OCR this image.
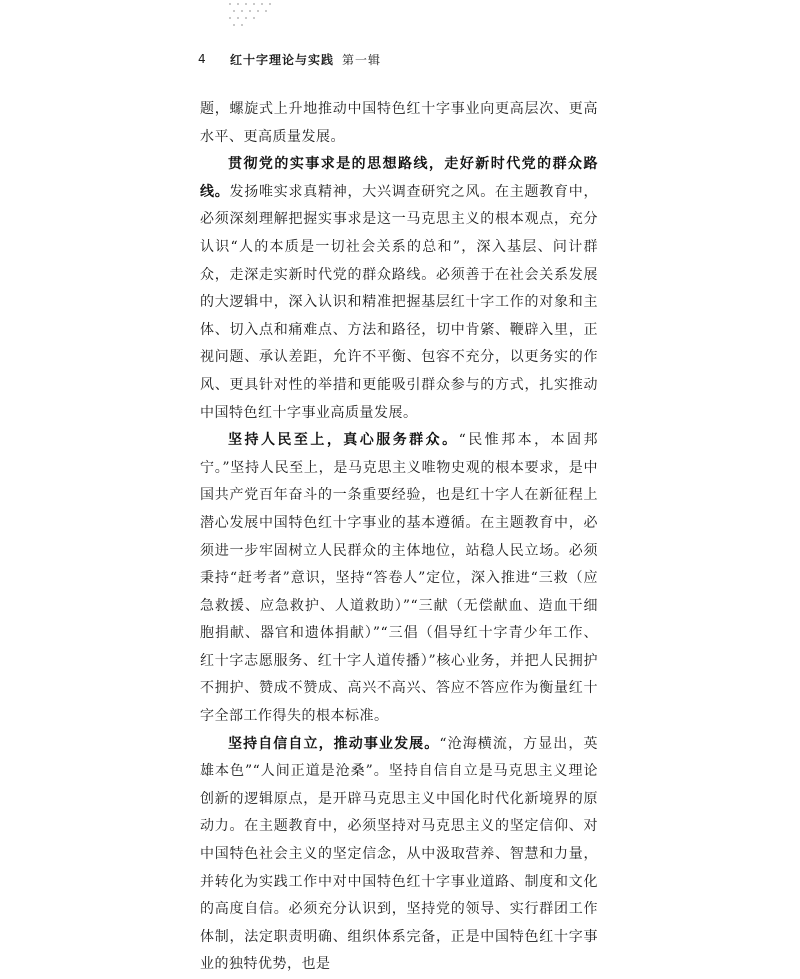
4	红十字理论与实践 第一辑

题，螺旋式上升地推动中国特色红十字事业向更高层次、更高水平、更高质量发展。

贯彻党的实事求是的思想路线，走好新时代党的群众路线。发扬唯实求真精神，大兴调查研究之风。在主题教育中，必须深刻理解把握实事求是这一马克思主义的根本观点，充分认识“人的本质是一切社会关系的总和”，深入基层、问计群众，走深走实新时代党的群众路线。必须善于在社会关系发展的大逻辑中，深入认识和精准把握基层红十字工作的对象和主体、切入点和痛难点、方法和路径，切中肯綮、鞭辟入里，正视问题、承认差距，允许不平衡、包容不充分，以更务实的作风、更具针对性的举措和更能吸引群众参与的方式，扎实推动中国特色红十字事业高质量发展。

坚持人民至上，真心服务群众。“民惟邦本，本固邦宁。”坚持人民至上，是马克思主义唯物史观的根本要求，是中国共产党百年奋斗的一条重要经验，也是红十字人在新征程上潜心发展中国特色红十字事业的基本遵循。在主题教育中，必须进一步牢固树立人民群众的主体地位，站稳人民立场。必须秉持“赶考者”意识，坚持“答卷人”定位，深入推进“三救（应急救援、应急救护、人道救助）”“三献（无偿献血、造血干细胞捐献、器官和遗体捐献）”“三倡（倡导红十字青少年工作、红十字志愿服务、红十字人道传播）”核心业务，并把人民拥护不拥护、赞成不赞成、高兴不高兴、答应不答应作为衡量红十字全部工作得失的根本标准。

坚持自信自立，推动事业发展。“沧海横流，方显出，英雄本色”“人间正道是沧桑”。坚持自信自立是马克思主义理论创新的逻辑原点，是开辟马克思主义中国化时代化新境界的原动力。在主题教育中，必须坚持对马克思主义的坚定信仰、对中国特色社会主义的坚定信念，从中汲取营养、智慧和力量，并转化为实践工作中对中国特色红十字事业道路、制度和文化的高度自信。必须充分认识到，坚持党的领导、实行群团工作体制，法定职责明确、组织体系完备，正是中国特色红十字事业的独特优势，也是
